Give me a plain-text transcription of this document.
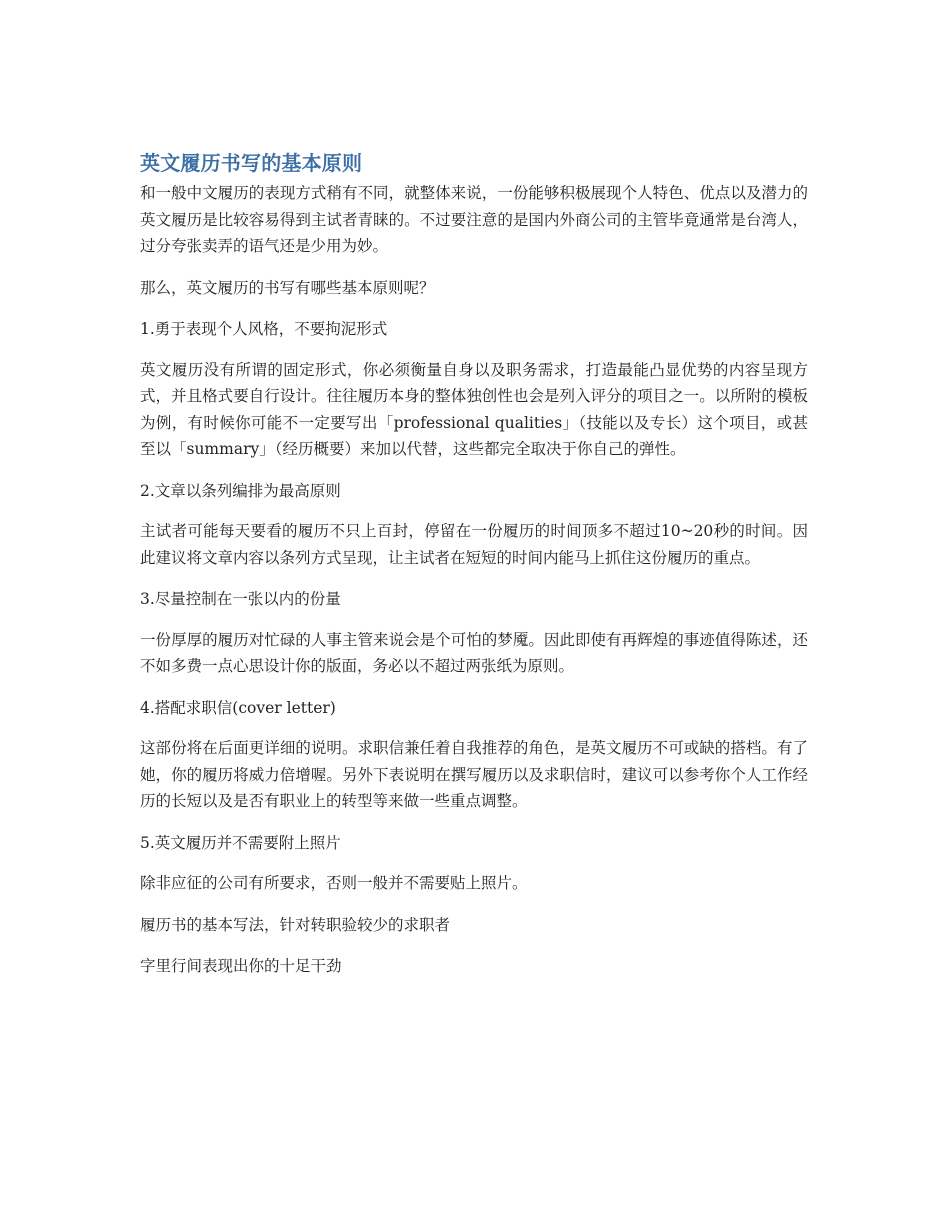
英文履历书写的基本原则

和一般中文履历的表现方式稍有不同，就整体来说，一份能够积极展现个人特色、优点以及潜力的英文履历是比较容易得到主试者青睐的。不过要注意的是国内外商公司的主管毕竟通常是台湾人，过分夸张卖弄的语气还是少用为妙。

那么，英文履历的书写有哪些基本原则呢？

1.勇于表现个人风格，不要拘泥形式

英文履历没有所谓的固定形式，你必须衡量自身以及职务需求，打造最能凸显优势的内容呈现方式，并且格式要自行设计。往往履历本身的整体独创性也会是列入评分的项目之一。以所附的模板为例，有时候你可能不一定要写出「professional qualities」（技能以及专长）这个项目，或甚至以「summary」（经历概要）来加以代替，这些都完全取决于你自己的弹性。

2.文章以条列编排为最高原则

主试者可能每天要看的履历不只上百封，停留在一份履历的时间顶多不超过10~20秒的时间。因此建议将文章内容以条列方式呈现，让主试者在短短的时间内能马上抓住这份履历的重点。

3.尽量控制在一张以内的份量

一份厚厚的履历对忙碌的人事主管来说会是个可怕的梦魇。因此即使有再辉煌的事迹值得陈述，还不如多费一点心思设计你的版面，务必以不超过两张纸为原则。

4.搭配求职信(cover letter)

这部份将在后面更详细的说明。求职信兼任着自我推荐的角色，是英文履历不可或缺的搭档。有了她，你的履历将威力倍增喔。另外下表说明在撰写履历以及求职信时，建议可以参考你个人工作经历的长短以及是否有职业上的转型等来做一些重点调整。

5.英文履历并不需要附上照片

除非应征的公司有所要求，否则一般并不需要贴上照片。

履历书的基本写法，针对转职验较少的求职者

字里行间表现出你的十足干劲
